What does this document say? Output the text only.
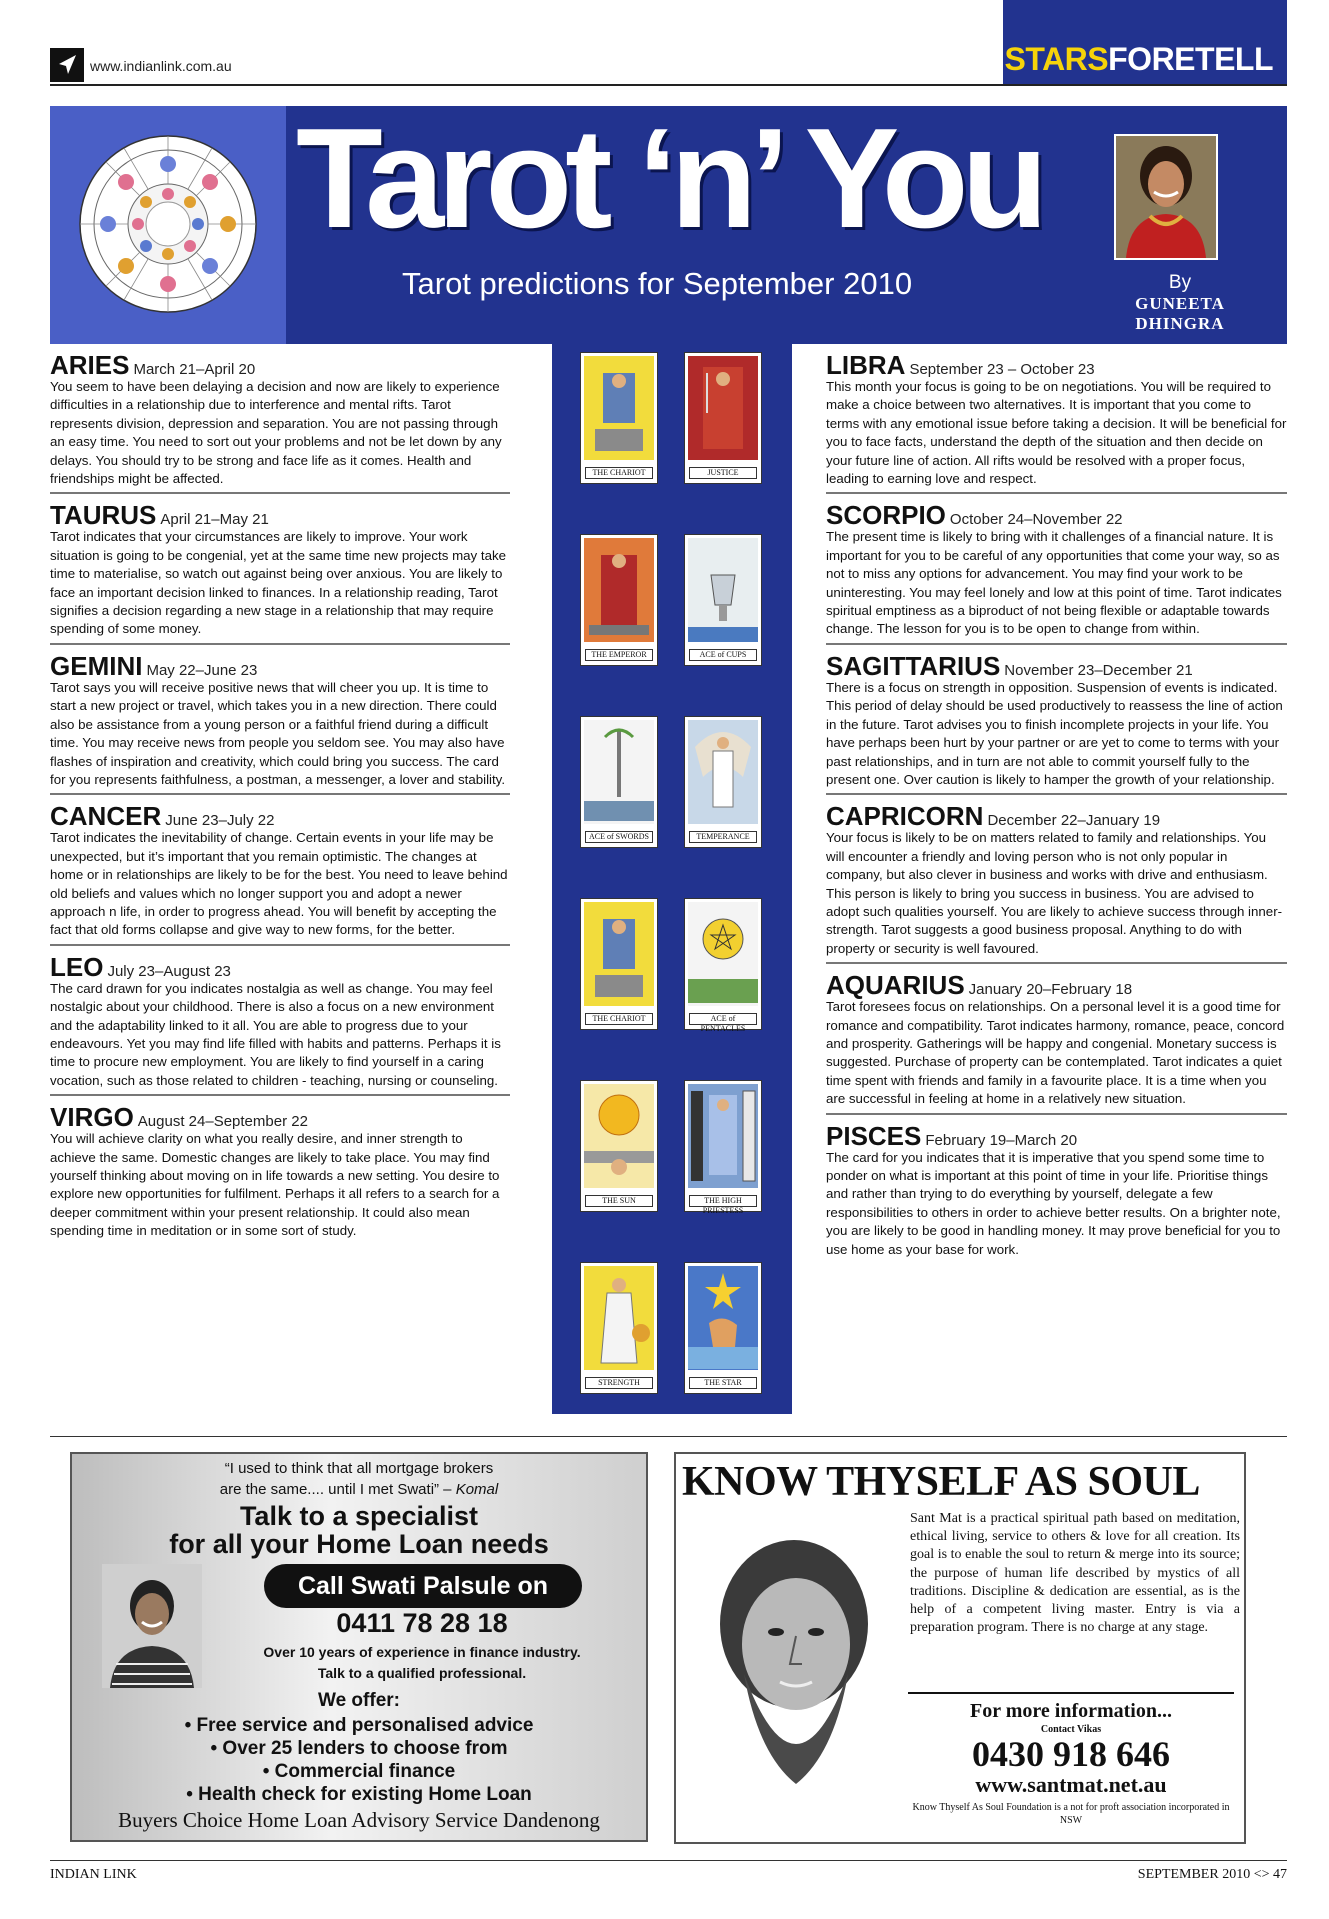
www.indianlink.com.au	STARSFORETELL
Tarot ‘n’ You
Tarot predictions for September 2010	By
GUNEETA DHINGRA
ARIES March 21–April 20

You seem to have been delaying a decision and now are likely to experience difficulties in a relationship due to interference and mental rifts. Tarot represents division, depression and separation. You are not passing through an easy time. You need to sort out your problems and not be let down by any delays. You should try to be strong and face life as it comes. Health and friendships might be affected.

TAURUS April 21–May 21

Tarot indicates that your circumstances are likely to improve. Your work situation is going to be congenial, yet at the same time new projects may take time to materialise, so watch out against being over anxious. You are likely to face an important decision linked to finances. In a relationship reading, Tarot signifies a decision regarding a new stage in a relationship that may require spending of some money.

GEMINI May 22–June 23

Tarot says you will receive positive news that will cheer you up. It is time to start a new project or travel, which takes you in a new direction. There could also be assistance from a young person or a faithful friend during a difficult time. You may receive news from people you seldom see. You may also have flashes of inspiration and creativity, which could bring you success. The card for you represents faithfulness, a postman, a messenger, a lover and stability.

CANCER June 23–July 22

Tarot indicates the inevitability of change. Certain events in your life may be unexpected, but it’s important that you remain optimistic. The changes at home or in relationships are likely to be for the best. You need to leave behind old beliefs and values which no longer support you and adopt a newer approach n life, in order to progress ahead. You will benefit by accepting the fact that old forms collapse and give way to new forms, for the better.

LEO July 23–August 23

The card drawn for you indicates nostalgia as well as change. You may feel nostalgic about your childhood. There is also a focus on a new environment and the adaptability linked to it all. You are able to progress due to your endeavours. Yet you may find life filled with habits and patterns. Perhaps it is time to procure new employment. You are likely to find yourself in a caring vocation, such as those related to children - teaching, nursing or counseling.

VIRGO August 24–September 22

You will achieve clarity on what you really desire, and inner strength to achieve the same. Domestic changes are likely to take place. You may find yourself thinking about moving on in life towards a new setting. You desire to explore new opportunities for fulfilment. Perhaps it all refers to a search for a deeper commitment within your present relationship. It could also mean spending time in meditation or in some sort of study.

THE CHARIOT	JUSTICE
THE EMPEROR	ACE of CUPS
ACE of SWORDS	TEMPERANCE
THE CHARIOT	ACE of PENTACLES
THE SUN	THE HIGH PRIESTESS
STRENGTH	THE STAR
LIBRA September 23 – October 23

This month your focus is going to be on negotiations. You will be required to make a choice between two alternatives. It is important that you come to terms with any emotional issue before taking a decision. It will be beneficial for you to face facts, understand the depth of the situation and then decide on your future line of action. All rifts would be resolved with a proper focus, leading to earning love and respect.

SCORPIO October 24–November 22

The present time is likely to bring with it challenges of a financial nature. It is important for you to be careful of any opportunities that come your way, so as not to miss any options for advancement. You may find your work to be uninteresting. You may feel lonely and low at this point of time. Tarot indicates spiritual emptiness as a biproduct of not being flexible or adaptable towards change. The lesson for you is to be open to change from within.

SAGITTARIUS November 23–December 21

There is a focus on strength in opposition. Suspension of events is indicated. This period of delay should be used productively to reassess the line of action in the future. Tarot advises you to finish incomplete projects in your life. You have perhaps been hurt by your partner or are yet to come to terms with your past relationships, and in turn are not able to commit yourself fully to the present one. Over caution is likely to hamper the growth of your relationship.

CAPRICORN December 22–January 19

Your focus is likely to be on matters related to family and relationships. You will encounter a friendly and loving person who is not only popular in company, but also clever in business and works with drive and enthusiasm. This person is likely to bring you success in business. You are advised to adopt such qualities yourself. You are likely to achieve success through inner-strength. Tarot suggests a good business proposal. Anything to do with property or security is well favoured.

AQUARIUS January 20–February 18

Tarot foresees focus on relationships. On a personal level it is a good time for romance and compatibility. Tarot indicates harmony, romance, peace, concord and prosperity. Gatherings will be happy and congenial. Monetary success is suggested. Purchase of property can be contemplated. Tarot indicates a quiet time spent with friends and family in a favourite place. It is a time when you are successful in feeling at home in a relatively new situation.

PISCES February 19–March 20

The card for you indicates that it is imperative that you spend some time to ponder on what is important at this point of time in your life. Prioritise things and rather than trying to do everything by yourself, delegate a few responsibilities to others in order to achieve better results. On a brighter note, you are likely to be good in handling money. It may prove beneficial for you to use home as your base for work.

“I used to think that all mortgage brokers
are the same.... until I met Swati” – Komal
Talk to a specialist
for all your Home Loan needs
Call Swati Palsule on
0411 78 28 18
Over 10 years of experience in finance industry.
Talk to a qualified professional.
We offer:
• Free service and personalised advice
• Over 25 lenders to choose from
• Commercial finance
• Health check for existing Home Loan
Buyers Choice Home Loan Advisory Service Dandenong
KNOW THYSELF AS SOUL

Sant Mat is a practical spiritual path based on meditation, ethical living, service to others & love for all creation. Its goal is to enable the soul to return & merge into its source; the purpose of human life described by mystics of all traditions. Discipline & dedication are essential, as is the help of a competent living master. Entry is via a preparation program. There is no charge at any stage.

For more information...
Contact Vikas
0430 918 646
www.santmat.net.au
Know Thyself As Soul Foundation is a not for proft association incorporated in NSW
INDIAN LINK	SEPTEMBER 2010 <> 47
